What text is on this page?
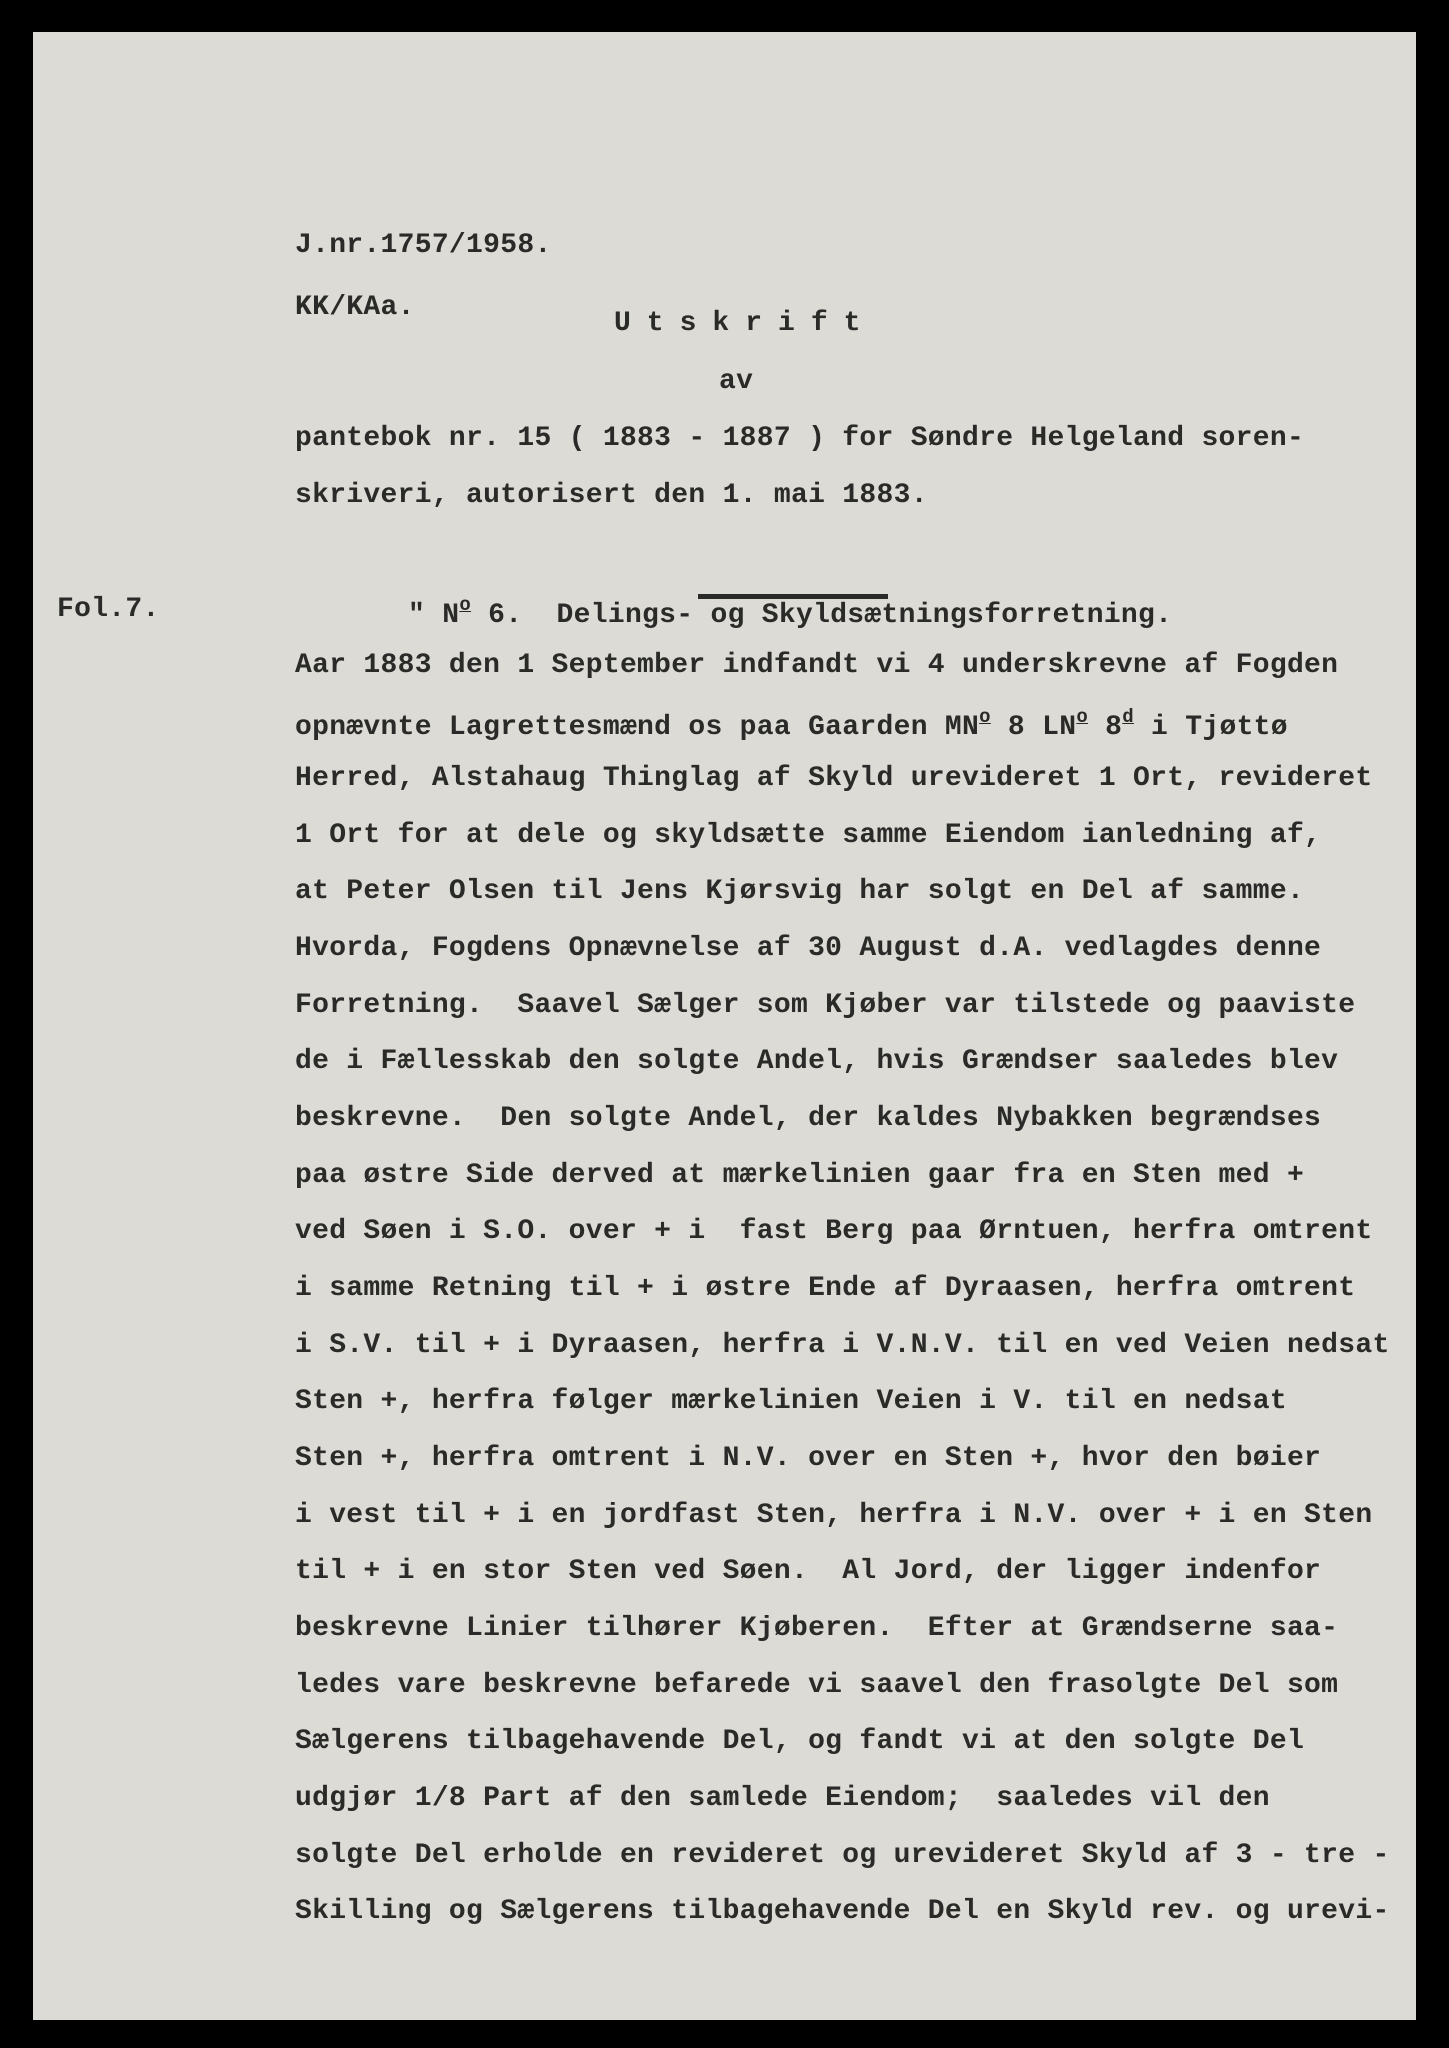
J.nr.1757/1958.
KK/KAa.
Utskrift
av
pantebok nr. 15 ( 1883 - 1887 ) for Søndre Helgeland soren-
skriveri, autorisert den 1. mai 1883.
Fol.7.	" $N^o$ 6.  Delings- og Skyldsætningsforretning.
Aar 1883 den 1 September indfandt vi 4 underskrevne af Fogden
opnævnte Lagrettesmænd os paa Gaarden $MN^o$ 8 $LN^o$ 8$^d$ i Tjøttø
Herred, Alstahaug Thinglag af Skyld urevideret 1 Ort, revideret
1 Ort for at dele og skyldsætte samme Eiendom ianledning af,
at Peter Olsen til Jens Kjørsvig har solgt en Del af samme.
Hvorda, Fogdens Opnævnelse af 30 August d.A. vedlagdes denne
Forretning.  Saavel Sælger som Kjøber var tilstede og paaviste
de i Fællesskab den solgte Andel, hvis Grændser saaledes blev
beskrevne.  Den solgte Andel, der kaldes Nybakken begrændses
paa østre Side derved at mærkelinien gaar fra en Sten med +
ved Søen i S.O. over + i  fast Berg paa Ørntuen, herfra omtrent
i samme Retning til + i østre Ende af Dyraasen, herfra omtrent
i S.V. til + i Dyraasen, herfra i V.N.V. til en ved Veien nedsat
Sten +, herfra følger mærkelinien Veien i V. til en nedsat
Sten +, herfra omtrent i N.V. over en Sten +, hvor den bøier
i vest til + i en jordfast Sten, herfra i N.V. over + i en Sten
til + i en stor Sten ved Søen.  Al Jord, der ligger indenfor
beskrevne Linier tilhører Kjøberen.  Efter at Grændserne saa-
ledes vare beskrevne befarede vi saavel den frasolgte Del som
Sælgerens tilbagehavende Del, og fandt vi at den solgte Del
udgjør 1/8 Part af den samlede Eiendom;  saaledes vil den
solgte Del erholde en revideret og urevideret Skyld af 3 - tre -
Skilling og Sælgerens tilbagehavende Del en Skyld rev. og urevi-
